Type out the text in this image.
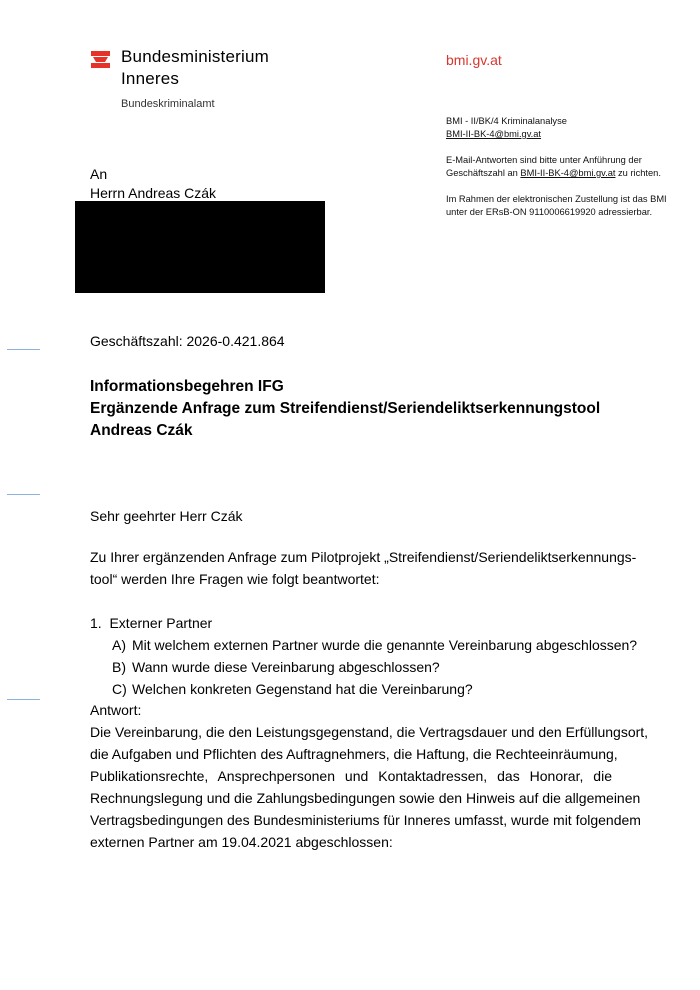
Bundesministerium
Inneres
Bundeskriminalamt
bmi.gv.at
BMI - II/BK/4 Kriminalanalyse
BMI-II-BK-4@bmi.gv.at
E-Mail-Antworten sind bitte unter Anführung der
Geschäftszahl an BMI-II-BK-4@bmi.gv.at zu richten.
Im Rahmen der elektronischen Zustellung ist das BMI
unter der ERsB-ON 9110006619920 adressierbar.
An
Herrn Andreas Czák
Geschäftszahl: 2026-0.421.864
Informationsbegehren IFG
Ergänzende Anfrage zum Streifendienst/Seriendeliktserkennungstool
Andreas Czák
Sehr geehrter Herr Czák
Zu Ihrer ergänzenden Anfrage zum Pilotprojekt „Streifendienst/Seriendeliktserkennungs-
tool“ werden Ihre Fragen wie folgt beantwortet:
1. Externer Partner
A) Mit welchem externen Partner wurde die genannte Vereinbarung abgeschlossen?
B) Wann wurde diese Vereinbarung abgeschlossen?
C) Welchen konkreten Gegenstand hat die Vereinbarung?
Antwort:
Die Vereinbarung, die den Leistungsgegenstand, die Vertragsdauer und den Erfüllungsort,
die Aufgaben und Pflichten des Auftragnehmers, die Haftung, die Rechteeinräumung,
Publikationsrechte, Ansprechpersonen und Kontaktadressen, das Honorar, die
Rechnungslegung und die Zahlungsbedingungen sowie den Hinweis auf die allgemeinen
Vertragsbedingungen des Bundesministeriums für Inneres umfasst, wurde mit folgendem
externen Partner am 19.04.2021 abgeschlossen:
